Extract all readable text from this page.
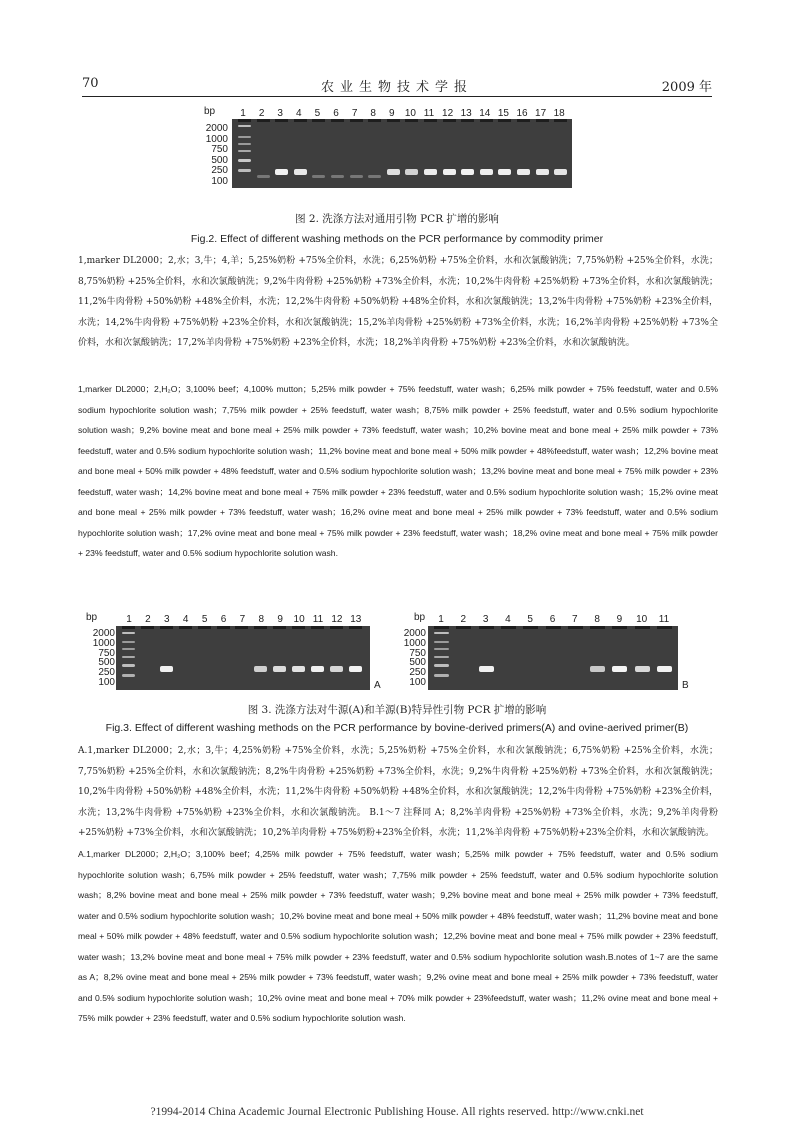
70	农业生物技术学报	2009 年
1 2 3 4 5 6 7 8 9 10 11 12 13 14 15 16 17 18
bp
2000
1000
750
500
250
100
图 2. 洗涤方法对通用引物 PCR 扩增的影响
Fig.2. Effect of different washing methods on the PCR performance by commodity primer
1,marker DL2000；2,水；3,牛；4,羊；5,25%奶粉 +75%全价料，水洗；6,25%奶粉 +75%全价料，水和次氯酸钠洗；7,75%奶粉 +25%全价料，水洗；8,75%奶粉 +25%全价料，水和次氯酸钠洗；9,2%牛肉骨粉 +25%奶粉 +73%全价料，水洗；10,2%牛肉骨粉 +25%奶粉 +73%全价料，水和次氯酸钠洗；11,2%牛肉骨粉 +50%奶粉 +48%全价料，水洗；12,2%牛肉骨粉 +50%奶粉 +48%全价料，水和次氯酸钠洗；13,2%牛肉骨粉 +75%奶粉 +23%全价料，水洗；14,2%牛肉骨粉 +75%奶粉 +23%全价料，水和次氯酸钠洗；15,2%羊肉骨粉 +25%奶粉 +73%全价料，水洗；16,2%羊肉骨粉 +25%奶粉 +73%全价料，水和次氯酸钠洗；17,2%羊肉骨粉 +75%奶粉 +23%全价料，水洗；18,2%羊肉骨粉 +75%奶粉 +23%全价料，水和次氯酸钠洗。
1,marker DL2000；2,H₂O；3,100% beef；4,100% mutton；5,25% milk powder + 75% feedstuff, water wash；6,25% milk powder + 75% feedstuff, water and 0.5% sodium hypochlorite solution wash；7,75% milk powder + 25% feedstuff, water wash；8,75% milk powder + 25% feedstuff, water and 0.5% sodium hypochlorite solution wash；9,2% bovine meat and bone meal + 25% milk powder + 73% feedstuff, water wash；10,2% bovine meat and bone meal + 25% milk powder + 73% feedstuff, water and 0.5% sodium hypochlorite solution wash；11,2% bovine meat and bone meal + 50% milk powder + 48%feedstuff, water wash；12,2% bovine meat and bone meal + 50% milk powder + 48% feedstuff, water and 0.5% sodium hypochlorite solution wash；13,2% bovine meat and bone meal + 75% milk powder + 23% feedstuff, water wash；14,2% bovine meat and bone meal + 75% milk powder + 23% feedstuff, water and 0.5% sodium hypochlorite solution wash；15,2% ovine meat and bone meal + 25% milk powder + 73% feedstuff, water wash；16,2% ovine meat and bone meal + 25% milk powder + 73% feedstuff, water and 0.5% sodium hypochlorite solution wash；17,2% ovine meat and bone meal + 75% milk powder + 23% feedstuff, water wash；18,2% ovine meat and bone meal + 75% milk powder + 23% feedstuff, water and 0.5% sodium hypochlorite solution wash.
bp	1 2 3 4 5 6 7 8 9 10 11 12 13
2000
1000
750
500
250
100	A
bp 1 2 3 4 5 6 7 8 9 10 11
2000
1000
750
500
250
100	B
图 3. 洗涤方法对牛源(A)和羊源(B)特异性引物 PCR 扩增的影响
Fig.3. Effect of different washing methods on the PCR performance by bovine-derived primers(A) and ovine-aerived primer(B)
A.1,marker DL2000；2,水；3,牛；4,25%奶粉 +75%全价料，水洗；5,25%奶粉 +75%全价料，水和次氯酸钠洗；6,75%奶粉 +25%全价料，水洗；7,75%奶粉 +25%全价料，水和次氯酸钠洗；8,2%牛肉骨粉 +25%奶粉 +73%全价料，水洗；9,2%牛肉骨粉 +25%奶粉 +73%全价料，水和次氯酸钠洗；10,2%牛肉骨粉 +50%奶粉 +48%全价料，水洗；11,2%牛肉骨粉 +50%奶粉 +48%全价料，水和次氯酸钠洗；12,2%牛肉骨粉 +75%奶粉 +23%全价料，水洗；13,2%牛肉骨粉 +75%奶粉 +23%全价料，水和次氯酸钠洗。 B.1～7 注释同 A；8,2%羊肉骨粉 +25%奶粉 +73%全价料，水洗；9,2%羊肉骨粉 +25%奶粉 +73%全价料，水和次氯酸钠洗；10,2%羊肉骨粉 +75%奶粉+23%全价料，水洗；11,2%羊肉骨粉 +75%奶粉+23%全价料，水和次氯酸钠洗。
A.1,marker DL2000；2,H₂O；3,100% beef；4,25% milk powder + 75% feedstuff, water wash；5,25% milk powder + 75% feedstuff, water and 0.5% sodium hypochlorite solution wash；6,75% milk powder + 25% feedstuff, water wash；7,75% milk powder + 25% feedstuff, water and 0.5% sodium hypochlorite solution wash；8,2% bovine meat and bone meal + 25% milk powder + 73% feedstuff, water wash；9,2% bovine meat and bone meal + 25% milk powder + 73% feedstuff, water and 0.5% sodium hypochlorite solution wash；10,2% bovine meat and bone meal + 50% milk powder + 48% feedstuff, water wash；11,2% bovine meat and bone meal + 50% milk powder + 48% feedstuff, water and 0.5% sodium hypochlorite solution wash；12,2% bovine meat and bone meal + 75% milk powder + 23% feedstuff, water wash；13,2% bovine meat and bone meal + 75% milk powder + 23% feedstuff, water and 0.5% sodium hypochlorite solution wash.B.notes of 1~7 are the same as A；8,2% ovine meat and bone meal + 25% milk powder + 73% feedstuff, water wash；9,2% ovine meat and bone meal + 25% milk powder + 73% feedstuff, water and 0.5% sodium hypochlorite solution wash；10,2% ovine meat and bone meal + 70% milk powder + 23%feedstuff, water wash；11,2% ovine meat and bone meal + 75% milk powder + 23% feedstuff, water and 0.5% sodium hypochlorite solution wash.
?1994-2014 China Academic Journal Electronic Publishing House. All rights reserved. http://www.cnki.net
